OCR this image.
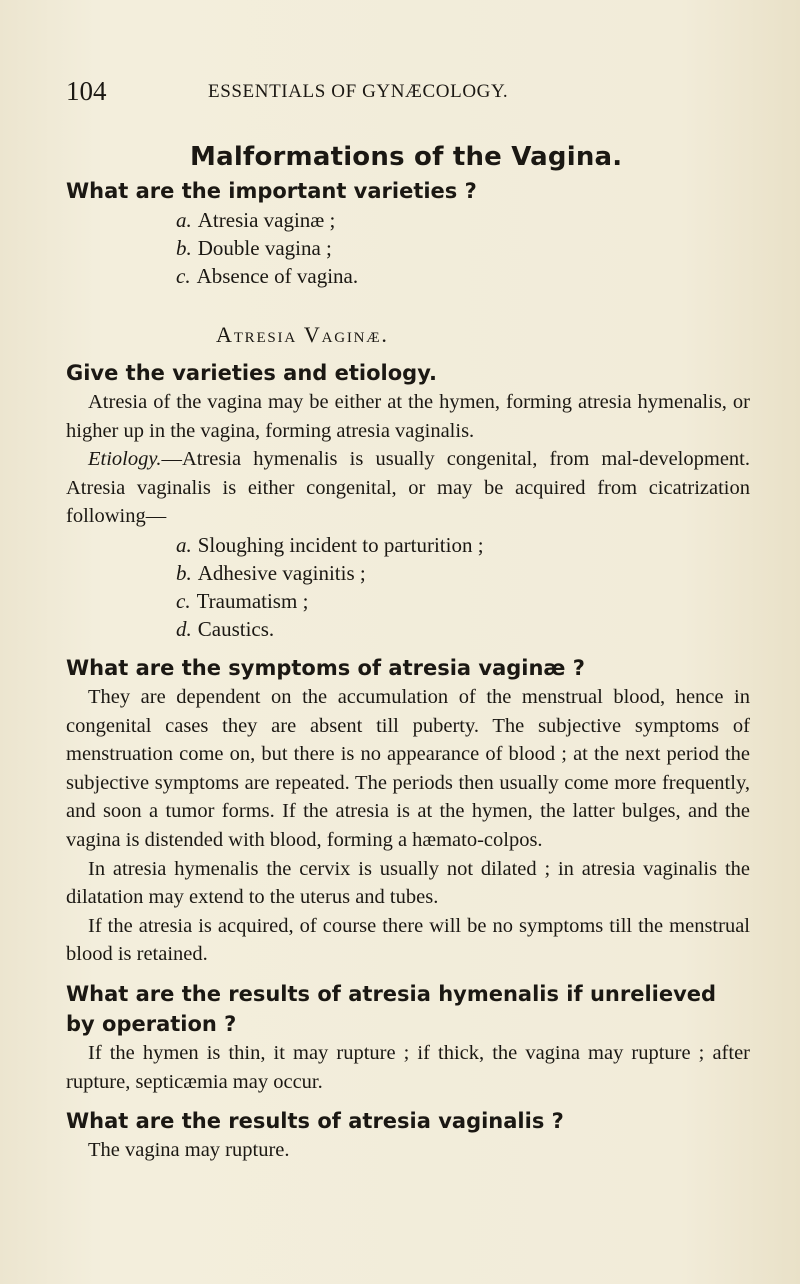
104	ESSENTIALS OF GYNÆCOLOGY.
Malformations of the Vagina.

What are the important varieties ?

a. Atresia vaginæ ;
b. Double vagina ;
c. Absence of vagina.
Atresia Vaginæ.

Give the varieties and etiology.

Atresia of the vagina may be either at the hymen, forming atresia hymenalis, or higher up in the vagina, forming atresia vaginalis.

Etiology.—Atresia hymenalis is usually congenital, from mal-development. Atresia vaginalis is either congenital, or may be acquired from cicatrization following—

a. Sloughing incident to parturition ;
b. Adhesive vaginitis ;
c. Traumatism ;
d. Caustics.

What are the symptoms of atresia vaginæ ?

They are dependent on the accumulation of the menstrual blood, hence in congenital cases they are absent till puberty. The subjective symptoms of menstruation come on, but there is no appearance of blood ; at the next period the subjective symptoms are repeated. The periods then usually come more frequently, and soon a tumor forms. If the atresia is at the hymen, the latter bulges, and the vagina is distended with blood, forming a hæmato-colpos.

In atresia hymenalis the cervix is usually not dilated ; in atresia vaginalis the dilatation may extend to the uterus and tubes.

If the atresia is acquired, of course there will be no symptoms till the menstrual blood is retained.

What are the results of atresia hymenalis if unrelieved by operation ?

If the hymen is thin, it may rupture ; if thick, the vagina may rupture ; after rupture, septicæmia may occur.

What are the results of atresia vaginalis ?

The vagina may rupture.
